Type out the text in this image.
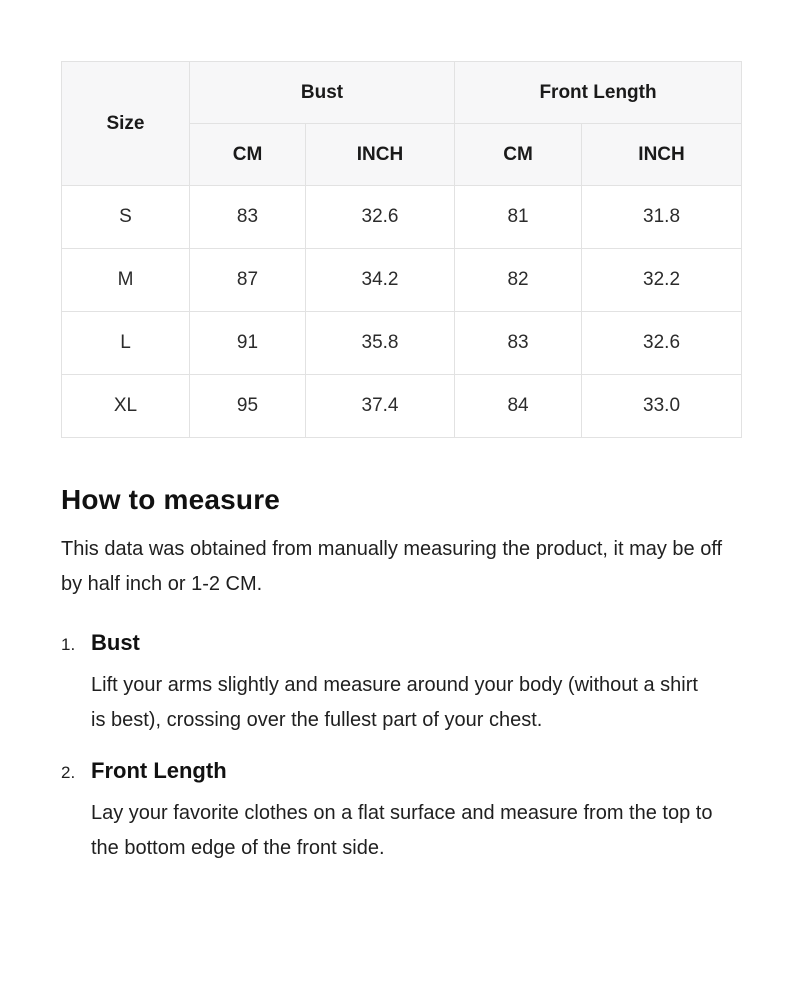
Size	Bust		Front Length	
	CM	INCH	CM	INCH
S	83	32.6	81	31.8
M	87	34.2	82	32.2
L	91	35.8	83	32.6
XL	95	37.4	84	33.0
How to measure

This data was obtained from manually measuring the product, it may be off by half inch or 1-2 CM.

1. Bust
Lift your arms slightly and measure around your body (without a shirt is best), crossing over the fullest part of your chest.
2. Front Length
Lay your favorite clothes on a flat surface and measure from the top to the bottom edge of the front side.
